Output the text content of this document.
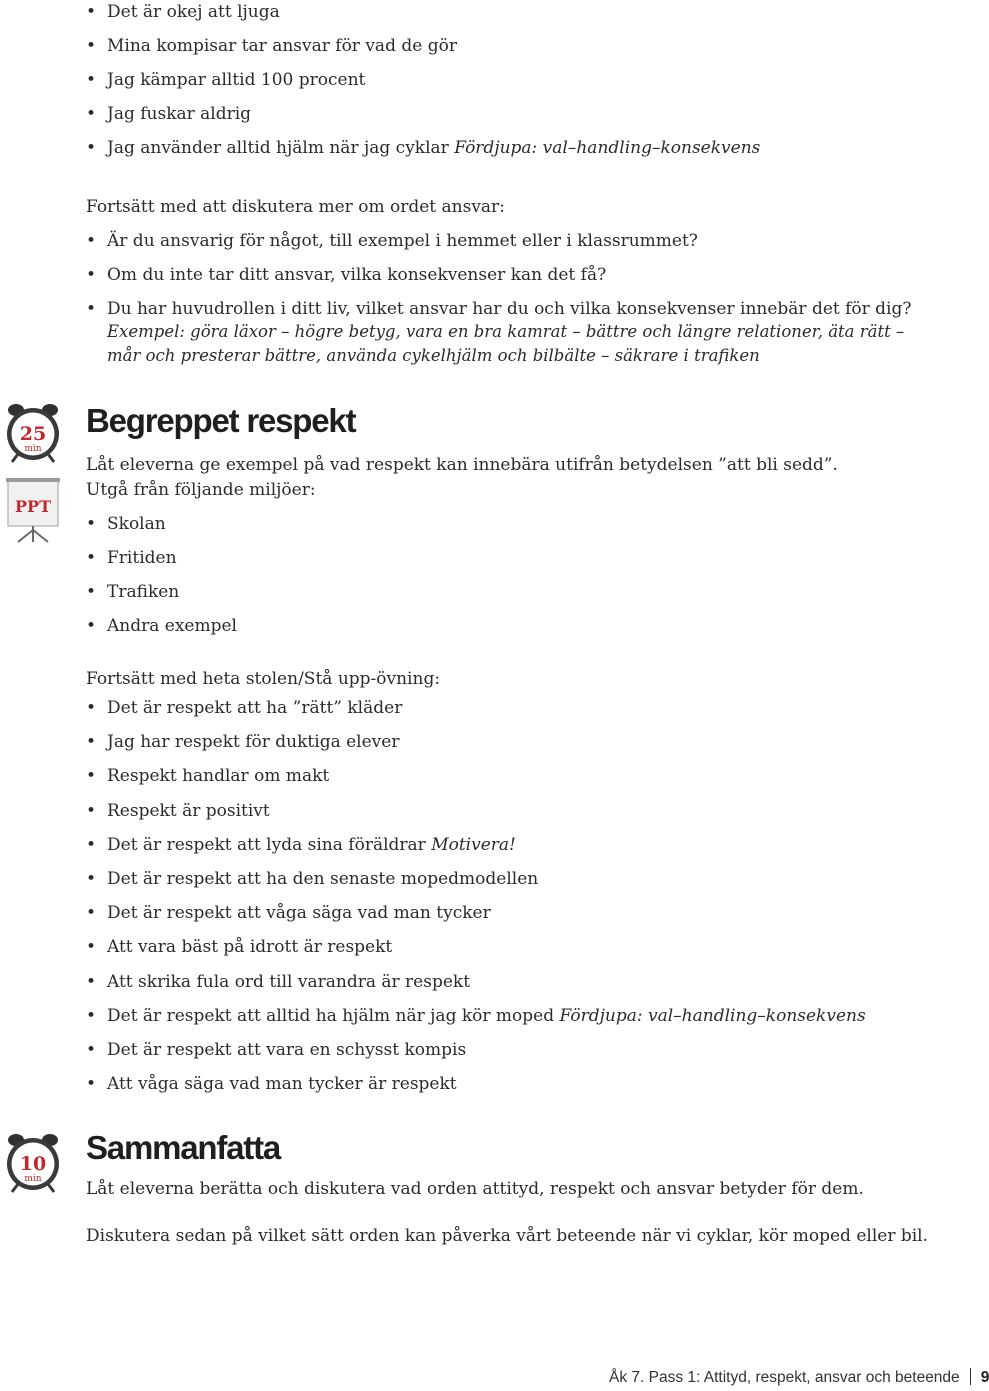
• Det är okej att ljuga
• Mina kompisar tar ansvar för vad de gör
• Jag kämpar alltid 100 procent
• Jag fuskar aldrig
• Jag använder alltid hjälm när jag cyklar Fördjupa: val–handling–konsekvens
Fortsätt med att diskutera mer om ordet ansvar:
• Är du ansvarig för något, till exempel i hemmet eller i klassrummet?
• Om du inte tar ditt ansvar, vilka konsekvenser kan det få?
• Du har huvudrollen i ditt liv, vilket ansvar har du och vilka konsekvenser innebär det för dig?
Exempel: göra läxor – högre betyg, vara en bra kamrat – bättre och längre relationer, äta rätt – mår och presterar bättre, använda cykelhjälm och bilbälte – säkrare i trafiken
25
min
PPT
Begreppet respekt
Låt eleverna ge exempel på vad respekt kan innebära utifrån betydelsen ”att bli sedd”.
Utgå från följande miljöer:
• Skolan
• Fritiden
• Trafiken
• Andra exempel
Fortsätt med heta stolen/Stå upp-övning:
• Det är respekt att ha ”rätt” kläder
• Jag har respekt för duktiga elever
• Respekt handlar om makt
• Respekt är positivt
• Det är respekt att lyda sina föräldrar Motivera!
• Det är respekt att ha den senaste mopedmodellen
• Det är respekt att våga säga vad man tycker
• Att vara bäst på idrott är respekt
• Att skrika fula ord till varandra är respekt
• Det är respekt att alltid ha hjälm när jag kör moped Fördjupa: val–handling–konsekvens
• Det är respekt att vara en schysst kompis
• Att våga säga vad man tycker är respekt
10
min
Sammanfatta
Låt eleverna berätta och diskutera vad orden attityd, respekt och ansvar betyder för dem.
Diskutera sedan på vilket sätt orden kan påverka vårt beteende när vi cyklar, kör moped eller bil.
Åk 7. Pass 1: Attityd, respekt, ansvar och beteende 9
